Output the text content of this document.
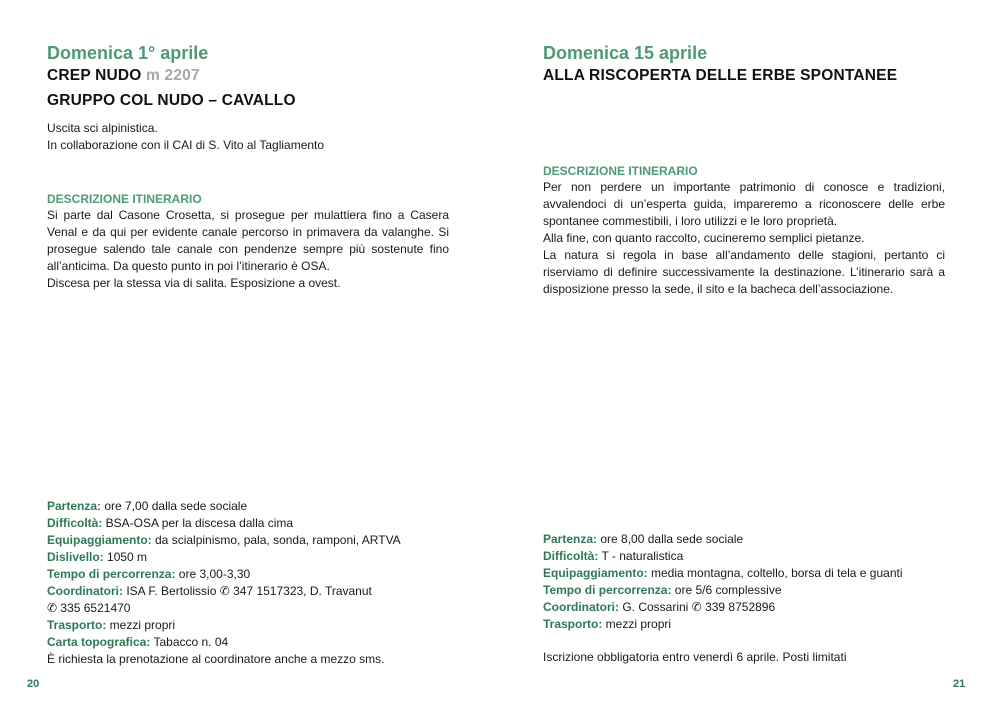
Domenica 1° aprile
CREP NUDO m 2207
GRUPPO COL NUDO – CAVALLO
Uscita sci alpinistica.
In collaborazione con il CAI di S. Vito al Tagliamento
DESCRIZIONE ITINERARIO

Si parte dal Casone Crosetta, si prosegue per mulattiera fino a Casera Venal e da qui per evidente canale percorso in primavera da valanghe. Si prosegue salendo tale canale con pendenze sempre più sostenute fino all’anticima. Da questo punto in poi l’itinerario è OSA.

Discesa per la stessa via di salita. Esposizione a ovest.

Partenza: ore 7,00 dalla sede sociale
Difficoltà: BSA-OSA per la discesa dalla cima
Equipaggiamento: da scialpinismo, pala, sonda, ramponi, ARTVA
Dislivello: 1050 m
Tempo di percorrenza: ore 3,00-3,30
Coordinatori: ISA F. Bertolissio ✆ 347 1517323, D. Travanut
✆ 335 6521470
Trasporto: mezzi propri
Carta topografica: Tabacco n. 04
È richiesta la prenotazione al coordinatore anche a mezzo sms.
20
Domenica 15 aprile
ALLA RISCOPERTA DELLE ERBE SPONTANEE
DESCRIZIONE ITINERARIO

Per non perdere un importante patrimonio di conosce e tradizioni, avvalendoci di un’esperta guida, impareremo a riconoscere delle erbe spontanee commestibili, i loro utilizzi e le loro proprietà.

Alla fine, con quanto raccolto, cucineremo semplici pietanze.

La natura si regola in base all’andamento delle stagioni, pertanto ci riserviamo di definire successivamente la destinazione. L’itinerario sarà a disposizione presso la sede, il sito e la bacheca dell’associazione.

Partenza: ore 8,00 dalla sede sociale
Difficoltà: T - naturalistica
Equipaggiamento: media montagna, coltello, borsa di tela e guanti
Tempo di percorrenza: ore 5/6 complessive
Coordinatori: G. Cossarini ✆ 339 8752896
Trasporto: mezzi propri
Iscrizione obbligatoria entro venerdì 6 aprile. Posti limitati
21
